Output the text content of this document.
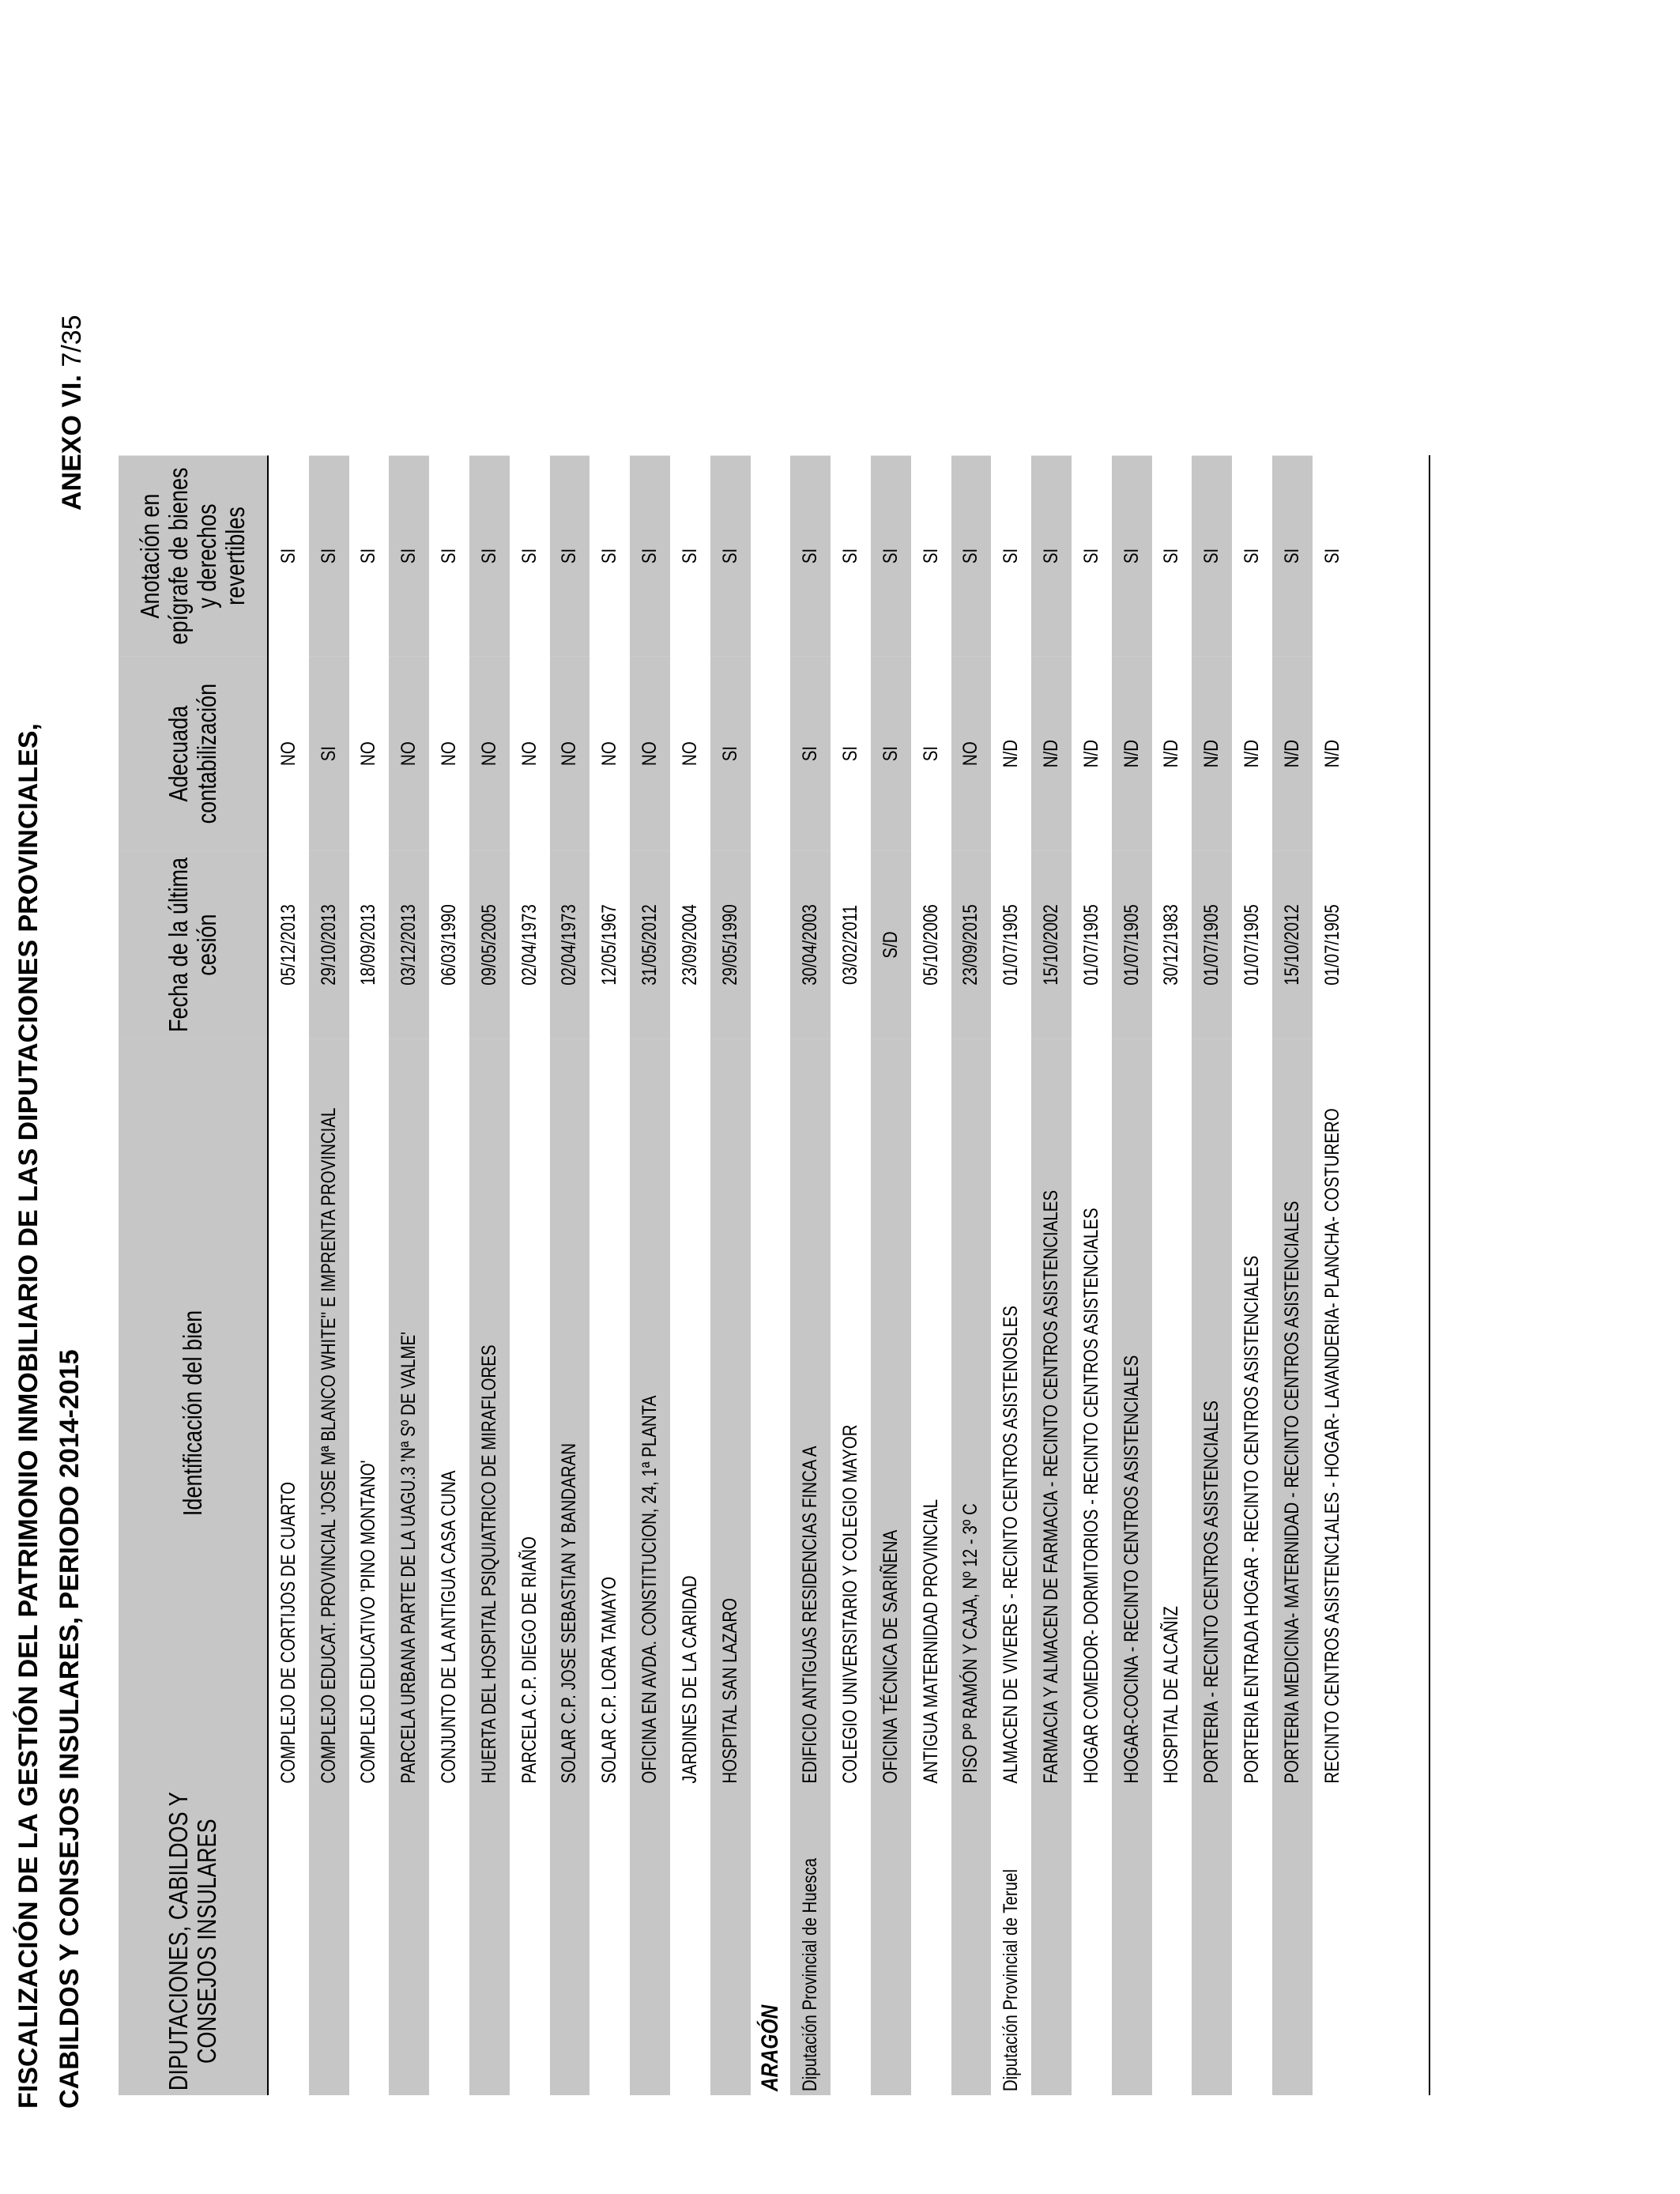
FISCALIZACIÓN DE LA GESTIÓN DEL PATRIMONIO INMOBILIARIO DE LAS DIPUTACIONES PROVINCIALES, CABILDOS Y CONSEJOS INSULARES, PERIODO 2014-2015
ANEXO VI. 7/35
DIPUTACIONES, CABILDOS Y CONSEJOS INSULARES	Identificación del bien	Fecha de la última cesión	Adecuada contabilización	Anotación en epígrafe de bienes y derechos revertibles
	COMPLEJO DE CORTIJOS DE CUARTO	05/12/2013	NO	SI
	COMPLEJO EDUCAT. PROVINCIAL 'JOSE Mª BLANCO WHITE'' E IMPRENTA PROVINCIAL	29/10/2013	SI	SI
	COMPLEJO EDUCATIVO 'PINO MONTANO'	18/09/2013	NO	SI
	PARCELA URBANA PARTE DE LA UAGU.3 'Nª Sº DE VALME'	03/12/2013	NO	SI
	CONJUNTO DE LA ANTIGUA CASA CUNA	06/03/1990	NO	SI
	HUERTA DEL HOSPITAL PSIQUIATRICO DE MIRAFLORES	09/05/2005	NO	SI
	PARCELA C.P. DIEGO DE RIAÑO	02/04/1973	NO	SI
	SOLAR C.P. JOSE SEBASTIAN Y BANDARAN	02/04/1973	NO	SI
	SOLAR C.P. LORA TAMAYO	12/05/1967	NO	SI
	OFICINA EN AVDA. CONSTITUCION, 24, 1ª PLANTA	31/05/2012	NO	SI
	JARDINES DE LA CARIDAD	23/09/2004	NO	SI
	HOSPITAL SAN LAZARO	29/05/1990	SI	SI
ARAGÓN				
Diputación Provincial de Huesca	EDIFICIO ANTIGUAS RESIDENCIAS FINCA A	30/04/2003	SI	SI
	COLEGIO UNIVERSITARIO Y COLEGIO MAYOR	03/02/2011	SI	SI
	OFICINA TÉCNICA DE SARIÑENA	S/D	SI	SI
	ANTIGUA MATERNIDAD PROVINCIAL	05/10/2006	SI	SI
	PISO Pº RAMÓN Y CAJA, Nº 12 - 3º C	23/09/2015	NO	SI
Diputación Provincial de Teruel	ALMACEN DE VIVERES - RECINTO CENTROS ASISTENOSLES	01/07/1905	N/D	SI
	FARMACIA Y ALMACEN DE FARMACIA - RECINTO CENTROS ASISTENCIALES	15/10/2002	N/D	SI
	HOGAR COMEDOR- DORMITORIOS - RECINTO CENTROS ASISTENCIALES	01/07/1905	N/D	SI
	HOGAR-COCINA - RECINTO CENTROS ASISTENCIALES	01/07/1905	N/D	SI
	HOSPITAL DE ALCAÑIZ	30/12/1983	N/D	SI
	PORTERIA - RECINTO CENTROS ASISTENCIALES	01/07/1905	N/D	SI
	PORTERIA ENTRADA HOGAR - RECINTO CENTROS ASISTENCIALES	01/07/1905	N/D	SI
	PORTERIA MEDICINA- MATERNIDAD - RECINTO CENTROS ASISTENCIALES	15/10/2012	N/D	SI
	RECINTO CENTROS ASISTENC1ALES - HOGAR- LAVANDERIA- PLANCHA- COSTURERO	01/07/1905	N/D	SI
